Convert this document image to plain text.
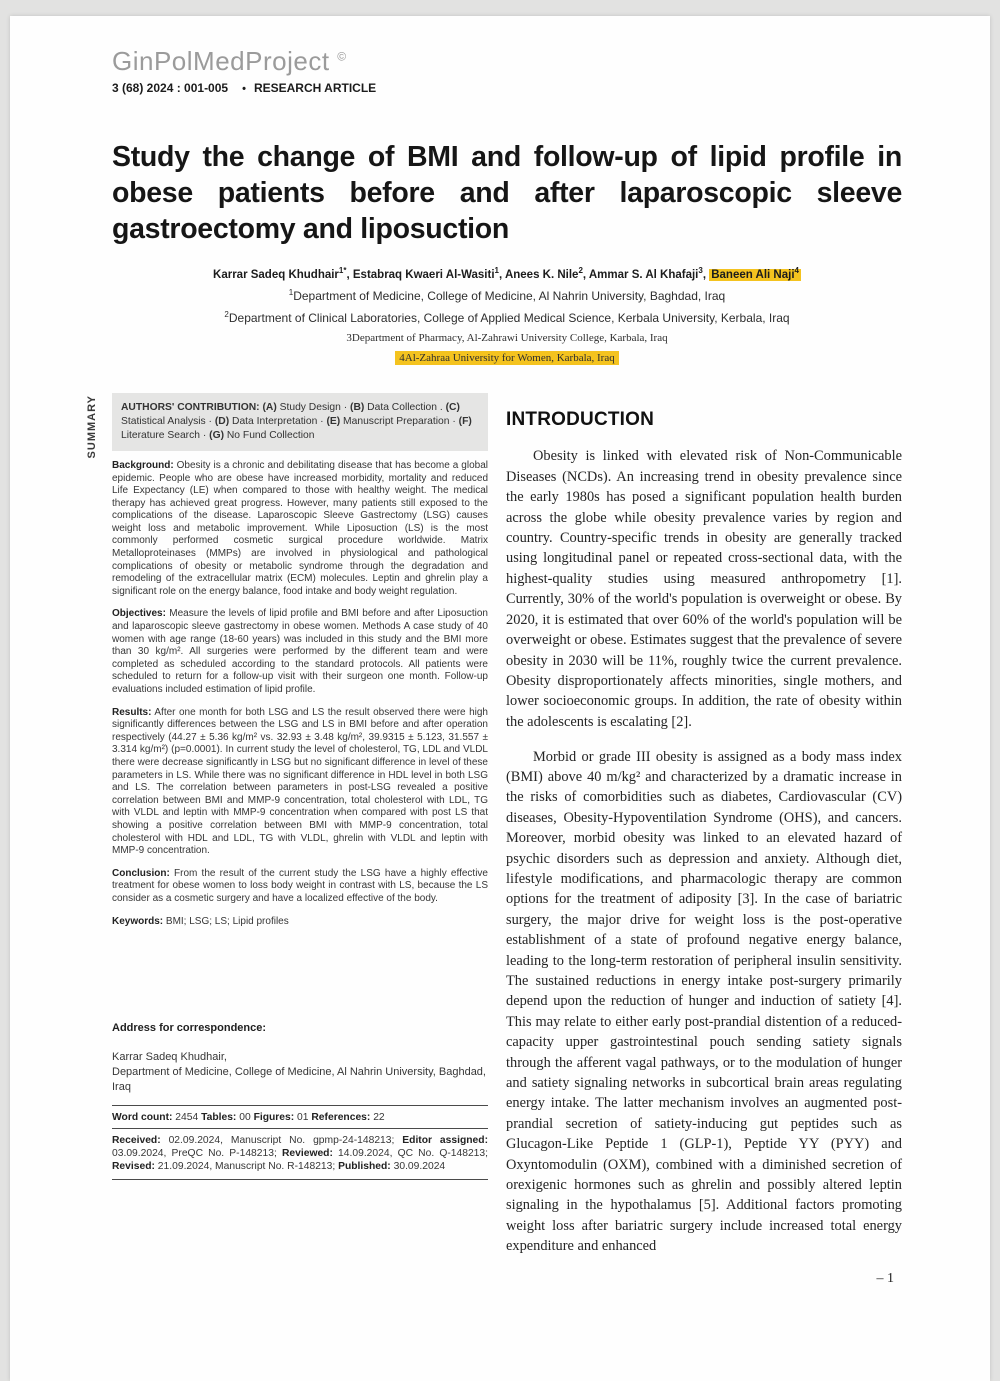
GinPolMedProject ©
3 (68) 2024 : 001-005 • RESEARCH ARTICLE
Study the change of BMI and follow-up of lipid profile in obese patients before and after laparoscopic sleeve gastroectomy and liposuction
Karrar Sadeq Khudhair$^{1*}$, Estabraq Kwaeri Al-Wasiti$^1$, Anees K. Nile$^2$, Ammar S. Al Khafaji$^3$, Baneen Ali Naji$^4$
$^1$Department of Medicine, College of Medicine, Al Nahrin University, Baghdad, Iraq
$^2$Department of Clinical Laboratories, College of Applied Medical Science, Kerbala University, Kerbala, Iraq
3Department of Pharmacy, Al-Zahrawi University College, Karbala, Iraq
4Al-Zahraa University for Women, Karbala, Iraq
SUMMARY	AUTHORS' CONTRIBUTION: (A) Study Design · (B) Data Collection . (C) Statistical Analysis · (D) Data Interpretation · (E) Manuscript Preparation · (F) Literature Search · (G) No Fund Collection

Background: Obesity is a chronic and debilitating disease that has become a global epidemic. People who are obese have increased morbidity, mortality and reduced Life Expectancy (LE) when compared to those with healthy weight. The medical therapy has achieved great progress. However, many patients still exposed to the complications of the disease. Laparoscopic Sleeve Gastrectomy (LSG) causes weight loss and metabolic improvement. While Liposuction (LS) is the most commonly performed cosmetic surgical procedure worldwide. Matrix Metalloproteinases (MMPs) are involved in physiological and pathological complications of obesity or metabolic syndrome through the degradation and remodeling of the extracellular matrix (ECM) molecules. Leptin and ghrelin play a significant role on the energy balance, food intake and body weight regulation.

Objectives: Measure the levels of lipid profile and BMI before and after Liposuction and laparoscopic sleeve gastrectomy in obese women. Methods A case study of 40 women with age range (18-60 years) was included in this study and the BMI more than 30 kg/m². All surgeries were performed by the different team and were completed as scheduled according to the standard protocols. All patients were scheduled to return for a follow-up visit with their surgeon one month. Follow-up evaluations included estimation of lipid profile.

Results: After one month for both LSG and LS the result observed there were high significantly differences between the LSG and LS in BMI before and after operation respectively (44.27 ± 5.36 kg/m² vs. 32.93 ± 3.48 kg/m², 39.9315 ± 5.123, 31.557 ± 3.314 kg/m²) (p=0.0001). In current study the level of cholesterol, TG, LDL and VLDL there were decrease significantly in LSG but no significant difference in level of these parameters in LS. While there was no significant difference in HDL level in both LSG and LS. The correlation between parameters in post-LSG revealed a positive correlation between BMI and MMP-9 concentration, total cholesterol with LDL, TG with VLDL and leptin with MMP-9 concentration when compared with post LS that showing a positive correlation between BMI with MMP-9 concentration, total cholesterol with HDL and LDL, TG with VLDL, ghrelin with VLDL and leptin with MMP-9 concentration.

Conclusion: From the result of the current study the LSG have a highly effective treatment for obese women to loss body weight in contrast with LS, because the LS consider as a cosmetic surgery and have a localized effective of the body.

Keywords: BMI; LSG; LS; Lipid profiles

Address for correspondence:
Karrar Sadeq Khudhair,
Department of Medicine, College of Medicine, Al Nahrin University, Baghdad, Iraq
Word count: 2454 Tables: 00 Figures: 01 References: 22
Received: 02.09.2024, Manuscript No. gpmp-24-148213; Editor assigned: 03.09.2024, PreQC No. P-148213; Reviewed: 14.09.2024, QC No. Q-148213; Revised: 21.09.2024, Manuscript No. R-148213; Published: 30.09.2024
INTRODUCTION

Obesity is linked with elevated risk of Non-Communicable Diseases (NCDs). An increasing trend in obesity prevalence since the early 1980s has posed a significant population health burden across the globe while obesity prevalence varies by region and country. Country-specific trends in obesity are generally tracked using longitudinal panel or repeated cross-sectional data, with the highest-quality studies using measured anthropometry [1]. Currently, 30% of the world's population is overweight or obese. By 2020, it is estimated that over 60% of the world's population will be overweight or obese. Estimates suggest that the prevalence of severe obesity in 2030 will be 11%, roughly twice the current prevalence. Obesity disproportionately affects minorities, single mothers, and lower socioeconomic groups. In addition, the rate of obesity within the adolescents is escalating [2].

Morbid or grade III obesity is assigned as a body mass index (BMI) above 40 m/kg² and characterized by a dramatic increase in the risks of comorbidities such as diabetes, Cardiovascular (CV) diseases, Obesity-Hypoventilation Syndrome (OHS), and cancers. Moreover, morbid obesity was linked to an elevated hazard of psychic disorders such as depression and anxiety. Although diet, lifestyle modifications, and pharmacologic therapy are common options for the treatment of adiposity [3]. In the case of bariatric surgery, the major drive for weight loss is the post-operative establishment of a state of profound negative energy balance, leading to the long-term restoration of peripheral insulin sensitivity. The sustained reductions in energy intake post-surgery primarily depend upon the reduction of hunger and induction of satiety [4]. This may relate to either early post-prandial distention of a reduced-capacity upper gastrointestinal pouch sending satiety signals through the afferent vagal pathways, or to the modulation of hunger and satiety signaling networks in subcortical brain areas regulating energy intake. The latter mechanism involves an augmented post-prandial secretion of satiety-inducing gut peptides such as Glucagon-Like Peptide 1 (GLP-1), Peptide YY (PYY) and Oxyntomodulin (OXM), combined with a diminished secretion of orexigenic hormones such as ghrelin and possibly altered leptin signaling in the hypothalamus [5]. Additional factors promoting weight loss after bariatric surgery include increased total energy expenditure and enhanced

– 1
